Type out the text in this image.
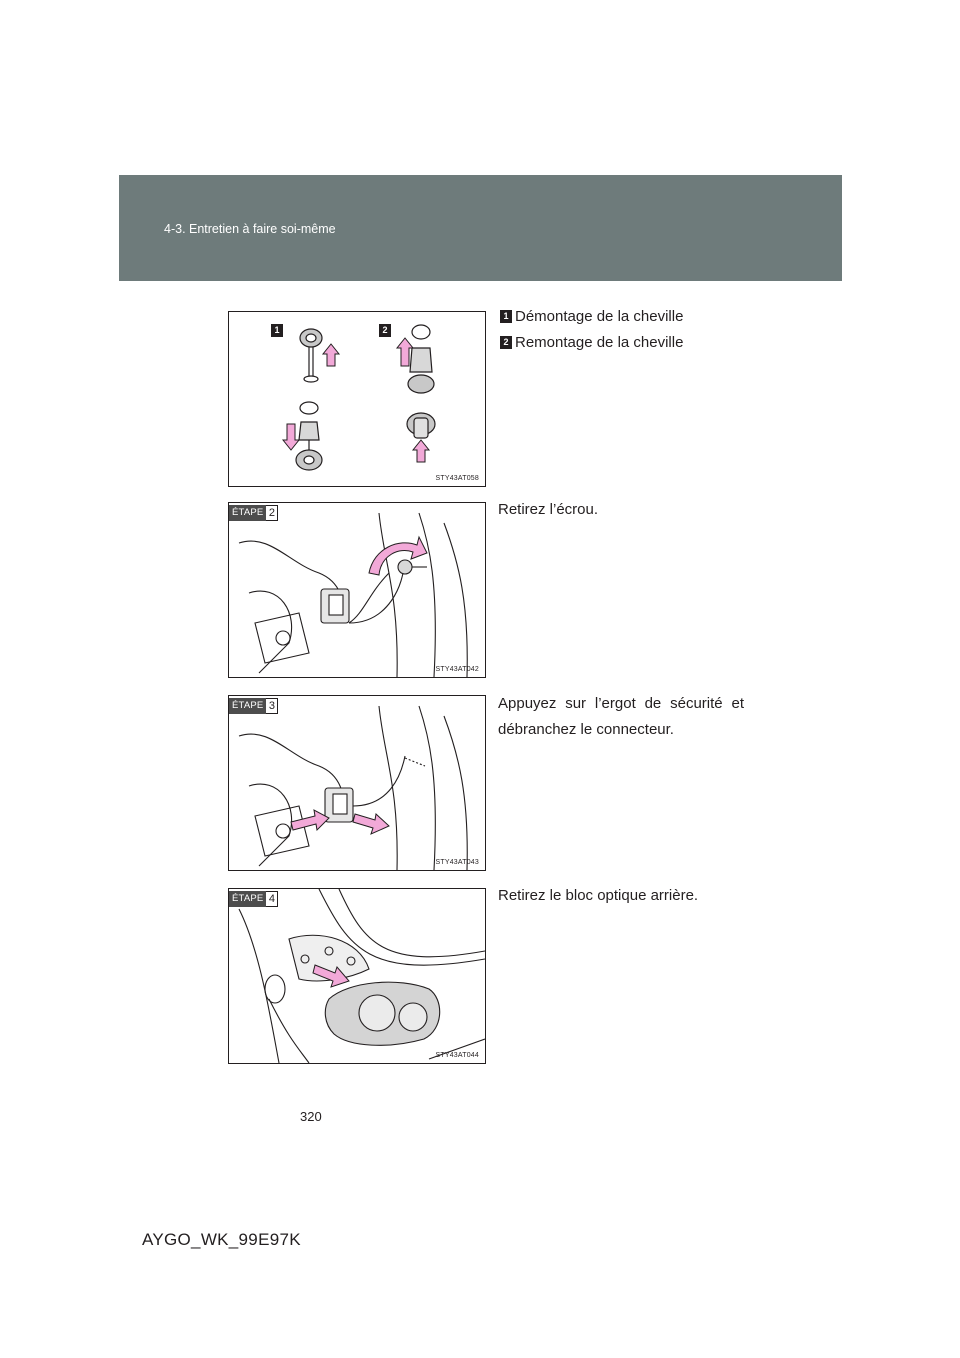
4-3. Entretien à faire soi-même
1	2
STY43AT058
1 Démontage de la cheville
2 Remontage de la cheville
ÉTAPE 2
STY43AT042
Retirez l’écrou.
ÉTAPE 3
STY43AT043
Appuyez sur l’ergot de sécurité et débranchez le connecteur.
ÉTAPE 4
STY43AT044
Retirez le bloc optique arrière.
320
AYGO_WK_99E97K
